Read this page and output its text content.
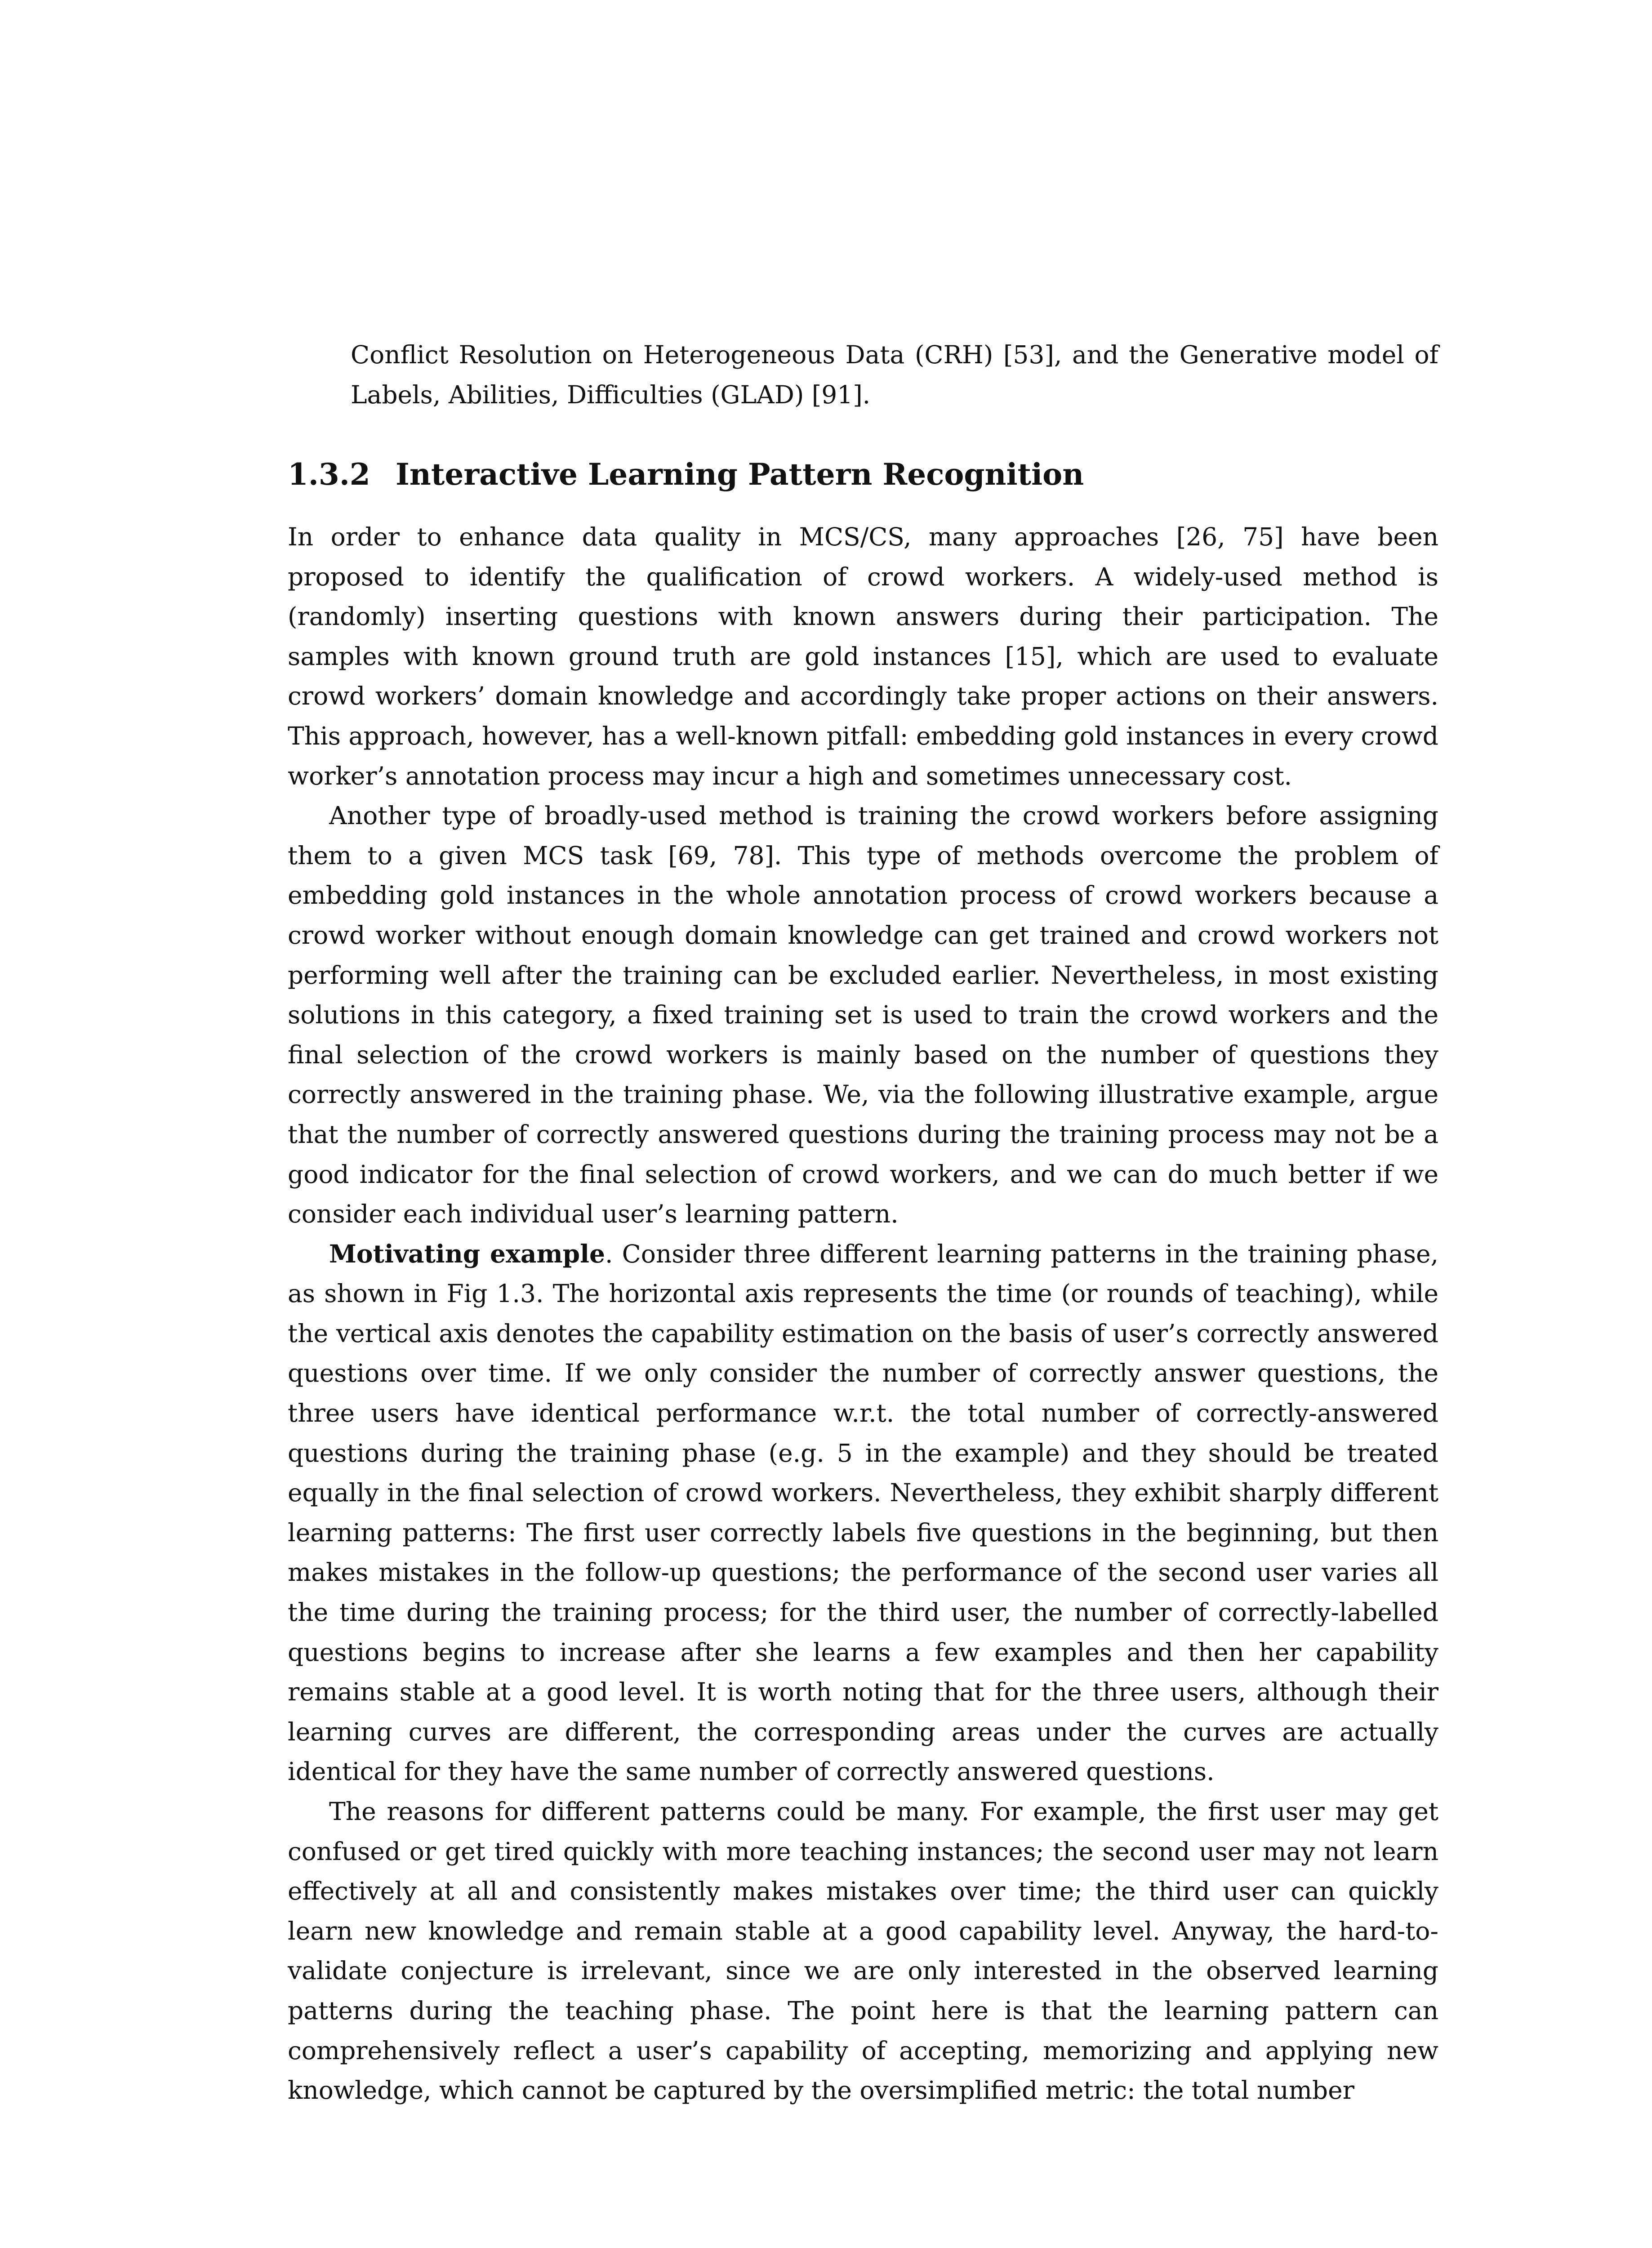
Conflict Resolution on Heterogeneous Data (CRH) [53], and the Generative model of Labels, Abilities, Difficulties (GLAD) [91].
1.3.2 Interactive Learning Pattern Recognition

In order to enhance data quality in MCS/CS, many approaches [26, 75] have been proposed to identify the qualification of crowd workers. A widely-used method is (randomly) inserting questions with known answers during their participation. The samples with known ground truth are gold instances [15], which are used to evaluate crowd workers’ domain knowledge and accordingly take proper actions on their answers. This approach, however, has a well-known pitfall: embedding gold instances in every crowd worker’s annotation process may incur a high and sometimes unnecessary cost.

Another type of broadly-used method is training the crowd workers before assigning them to a given MCS task [69, 78]. This type of methods overcome the problem of embedding gold instances in the whole annotation process of crowd workers because a crowd worker without enough domain knowledge can get trained and crowd workers not performing well after the training can be excluded earlier. Nevertheless, in most existing solutions in this category, a fixed training set is used to train the crowd workers and the final selection of the crowd workers is mainly based on the number of questions they correctly answered in the training phase. We, via the following illustrative example, argue that the number of correctly answered questions during the training process may not be a good indicator for the final selection of crowd workers, and we can do much better if we consider each individual user’s learning pattern.

Motivating example. Consider three different learning patterns in the training phase, as shown in Fig 1.3. The horizontal axis represents the time (or rounds of teaching), while the vertical axis denotes the capability estimation on the basis of user’s correctly answered questions over time. If we only consider the number of correctly answer questions, the three users have identical performance w.r.t. the total number of correctly-answered questions during the training phase (e.g. 5 in the example) and they should be treated equally in the final selection of crowd workers. Nevertheless, they exhibit sharply different learning patterns: The first user correctly labels five questions in the beginning, but then makes mistakes in the follow-up questions; the performance of the second user varies all the time during the training process; for the third user, the number of correctly-labelled questions begins to increase after she learns a few examples and then her capability remains stable at a good level. It is worth noting that for the three users, although their learning curves are different, the corresponding areas under the curves are actually identical for they have the same number of correctly answered questions.

The reasons for different patterns could be many. For example, the first user may get confused or get tired quickly with more teaching instances; the second user may not learn effectively at all and consistently makes mistakes over time; the third user can quickly learn new knowledge and remain stable at a good capability level. Anyway, the hard-to-validate conjecture is irrelevant, since we are only interested in the observed learning patterns during the teaching phase. The point here is that the learning pattern can comprehensively reflect a user’s capability of accepting, memorizing and applying new knowledge, which cannot be captured by the oversimplified metric: the total number
